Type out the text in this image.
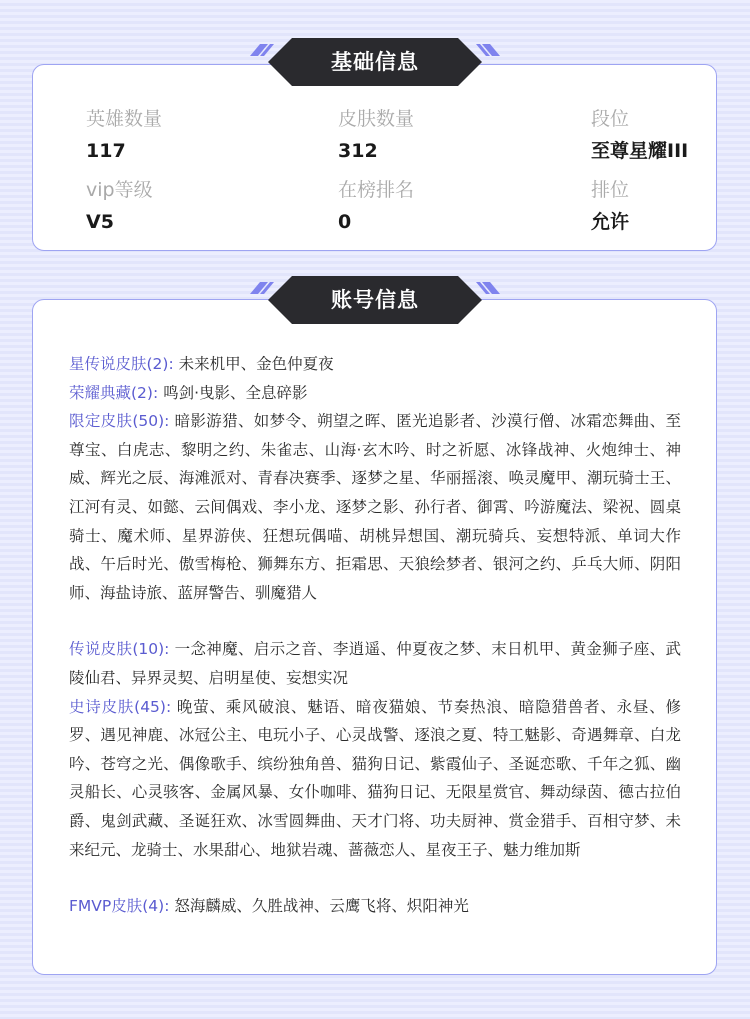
英雄数量
117
皮肤数量
312
段位
至尊星耀III
vip等级
V5
在榜排名
0
排位
允许
基础信息
星传说皮肤(2): 未来机甲、金色仲夏夜
荣耀典藏(2): 鸣剑·曳影、全息碎影
限定皮肤(50): 暗影游猎、如梦令、朔望之晖、匿光追影者、沙漠行僧、冰霜恋舞曲、至尊宝、白虎志、黎明之约、朱雀志、山海·玄木吟、时之祈愿、冰锋战神、火炮绅士、神威、辉光之辰、海滩派对、青春决赛季、逐梦之星、华丽摇滚、唤灵魔甲、潮玩骑士王、江河有灵、如懿、云间偶戏、李小龙、逐梦之影、孙行者、御霄、吟游魔法、梁祝、圆桌骑士、魔术师、星界游侠、狂想玩偶喵、胡桃异想国、潮玩骑兵、妄想特派、单词大作战、午后时光、傲雪梅枪、狮舞东方、拒霜思、天狼绘梦者、银河之约、乒乓大师、阴阳师、海盐诗旅、蓝屏警告、驯魔猎人
传说皮肤(10): 一念神魔、启示之音、李逍遥、仲夏夜之梦、末日机甲、黄金狮子座、武陵仙君、异界灵契、启明星使、妄想实况
史诗皮肤(45): 晚萤、乘风破浪、魅语、暗夜猫娘、节奏热浪、暗隐猎兽者、永昼、修罗、遇见神鹿、冰冠公主、电玩小子、心灵战警、逐浪之夏、特工魅影、奇遇舞章、白龙吟、苍穹之光、偶像歌手、缤纷独角兽、猫狗日记、紫霞仙子、圣诞恋歌、千年之狐、幽灵船长、心灵骇客、金属风暴、女仆咖啡、猫狗日记、无限星赏官、舞动绿茵、德古拉伯爵、鬼剑武藏、圣诞狂欢、冰雪圆舞曲、天才门将、功夫厨神、赏金猎手、百相守梦、未来纪元、龙骑士、水果甜心、地狱岩魂、蔷薇恋人、星夜王子、魅力维加斯
FMVP皮肤(4): 怒海麟威、久胜战神、云鹰飞将、炽阳神光
账号信息
